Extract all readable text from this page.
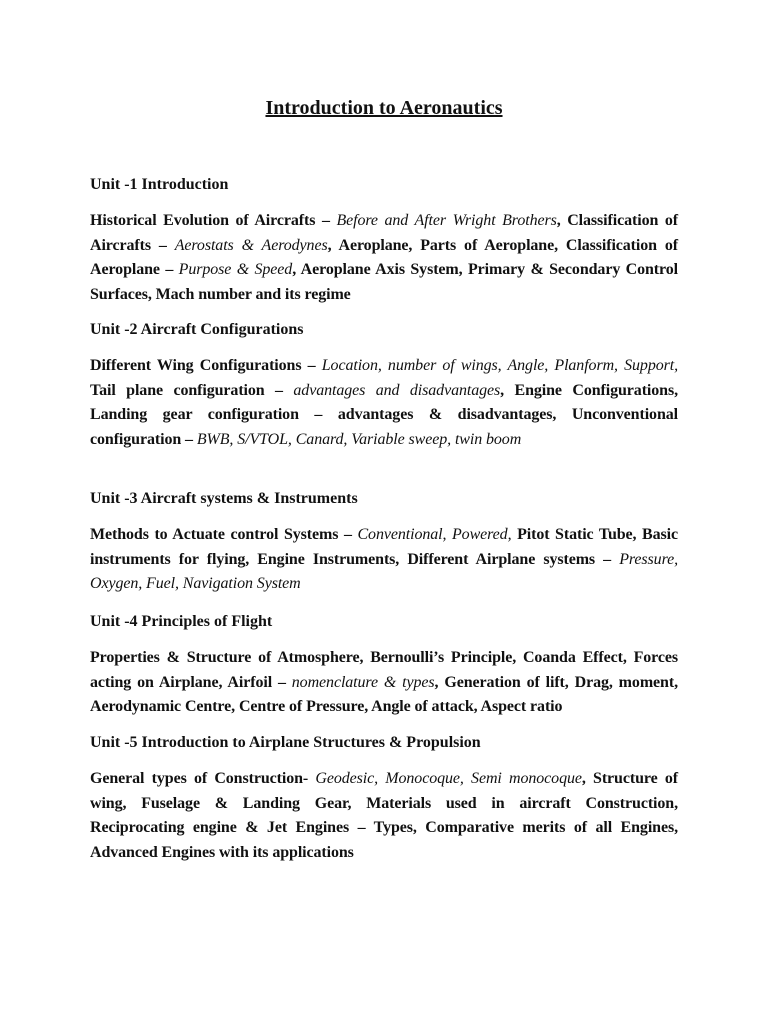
Introduction to Aeronautics

Unit -1 Introduction

Historical Evolution of Aircrafts – Before and After Wright Brothers, Classification of Aircrafts – Aerostats & Aerodynes, Aeroplane, Parts of Aeroplane, Classification of Aeroplane – Purpose & Speed, Aeroplane Axis System, Primary & Secondary Control Surfaces, Mach number and its regime

Unit -2 Aircraft Configurations

Different Wing Configurations – Location, number of wings, Angle, Planform, Support, Tail plane configuration – advantages and disadvantages, Engine Configurations, Landing gear configuration – advantages & disadvantages, Unconventional configuration – BWB, S/VTOL, Canard, Variable sweep, twin boom

Unit -3 Aircraft systems & Instruments

Methods to Actuate control Systems – Conventional, Powered, Pitot Static Tube, Basic instruments for flying, Engine Instruments, Different Airplane systems – Pressure, Oxygen, Fuel, Navigation System

Unit -4 Principles of Flight

Properties & Structure of Atmosphere, Bernoulli’s Principle, Coanda Effect, Forces acting on Airplane, Airfoil – nomenclature & types, Generation of lift, Drag, moment, Aerodynamic Centre, Centre of Pressure, Angle of attack, Aspect ratio

Unit -5 Introduction to Airplane Structures & Propulsion

General types of Construction- Geodesic, Monocoque, Semi monocoque, Structure of wing, Fuselage & Landing Gear, Materials used in aircraft Construction, Reciprocating engine & Jet Engines – Types, Comparative merits of all Engines, Advanced Engines with its applications
